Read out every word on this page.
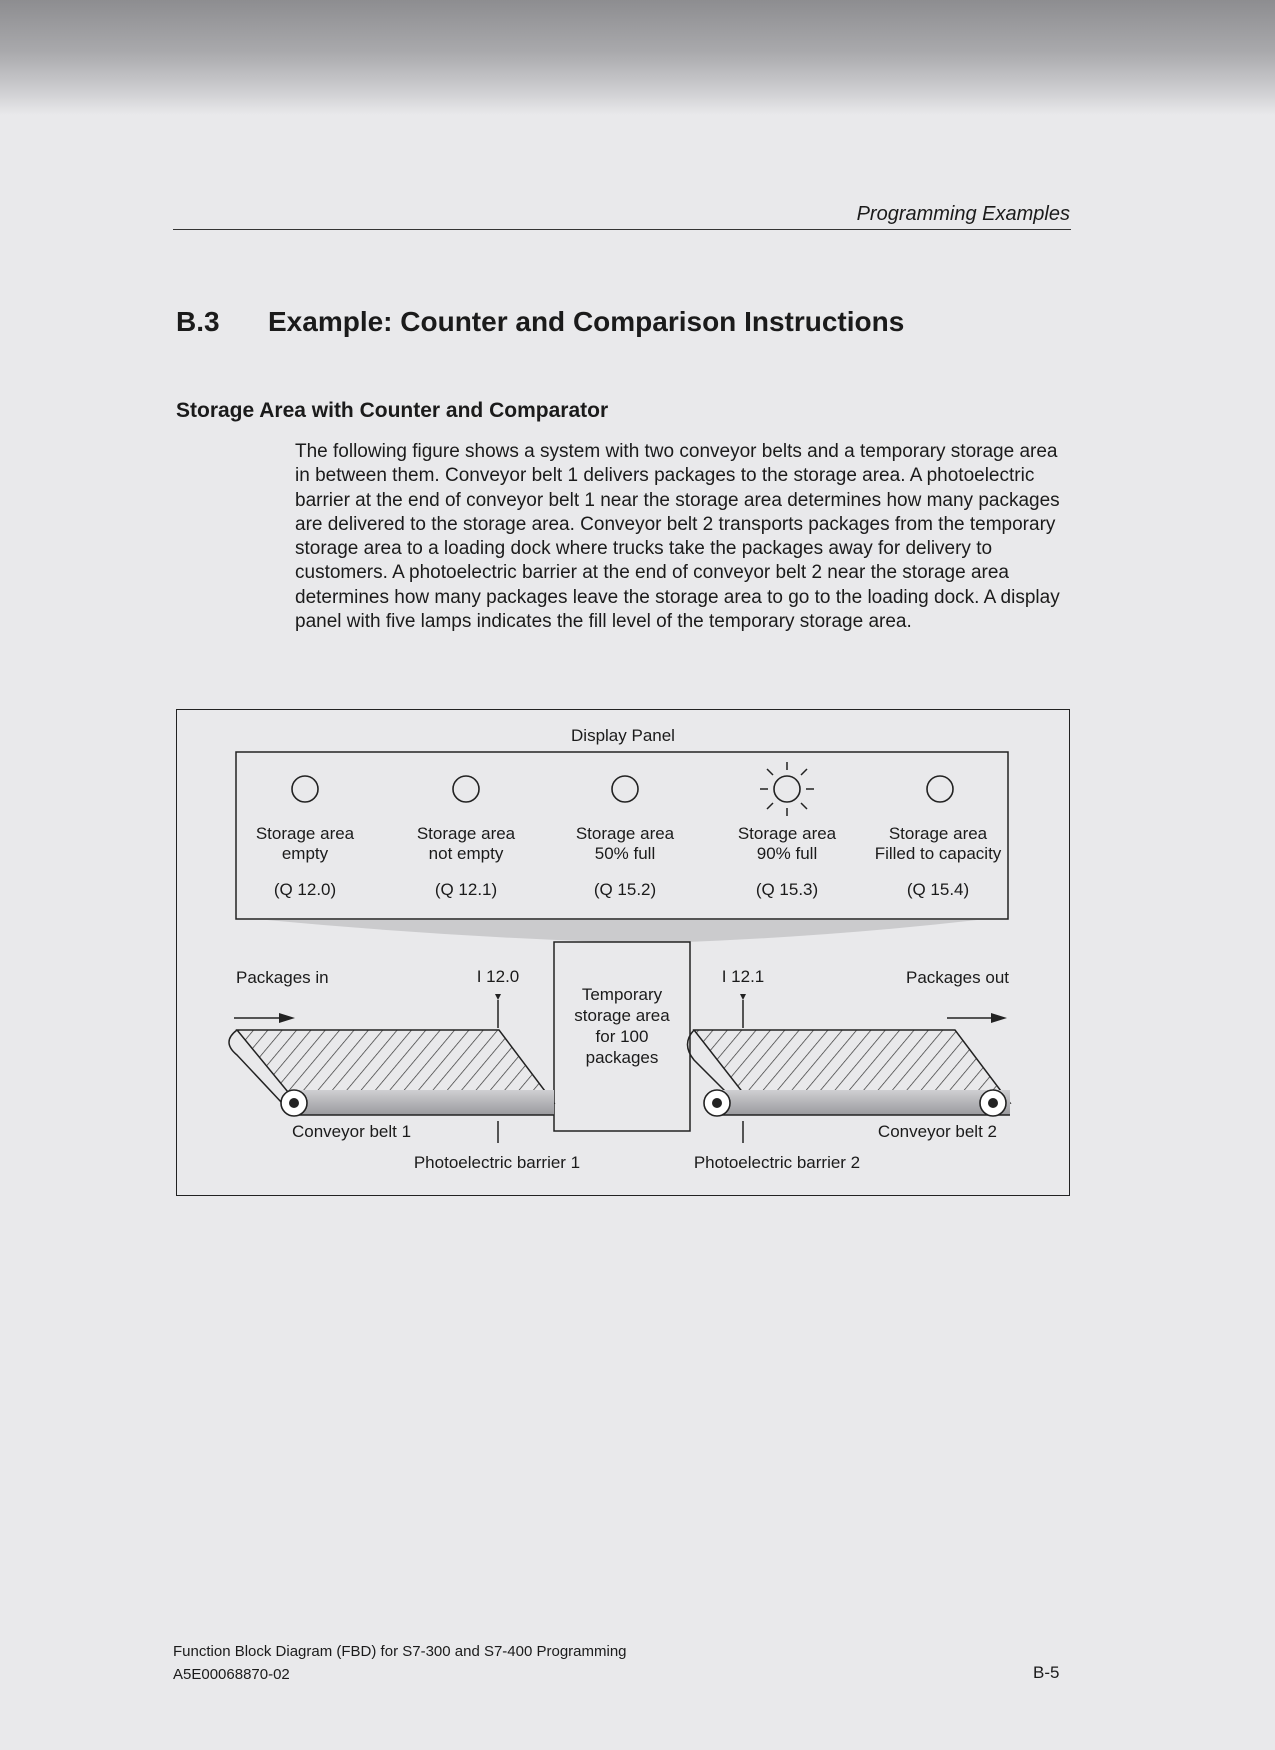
Programming Examples
B.3 Example: Counter and Comparison Instructions
Storage Area with Counter and Comparator
The following figure shows a system with two conveyor belts and a temporary storage area in between them. Conveyor belt 1 delivers packages to the storage area. A photoelectric barrier at the end of conveyor belt 1 near the storage area determines how many packages are delivered to the storage area. Conveyor belt 2 transports packages from the temporary storage area to a loading dock where trucks take the packages away for delivery to customers. A photoelectric barrier at the end of conveyor belt 2 near the storage area determines how many packages leave the storage area to go to the loading dock. A display panel with five lamps indicates the fill level of the temporary storage area.
Display Panel
Storage area
empty
(Q 12.0)
Storage area
not empty
(Q 12.1)
Storage area
50% full
(Q 15.2)
Storage area
90% full
(Q 15.3)
Storage area
Filled to capacity
(Q 15.4)
Packages in	Packages out
I 12.0	I 12.1
Temporary
storage area
for 100
packages
Conveyor belt 1	Conveyor belt 2
Photoelectric barrier 1	Photoelectric barrier 2
Function Block Diagram (FBD) for S7-300 and S7-400 Programming
A5E00068870-02	B-5
